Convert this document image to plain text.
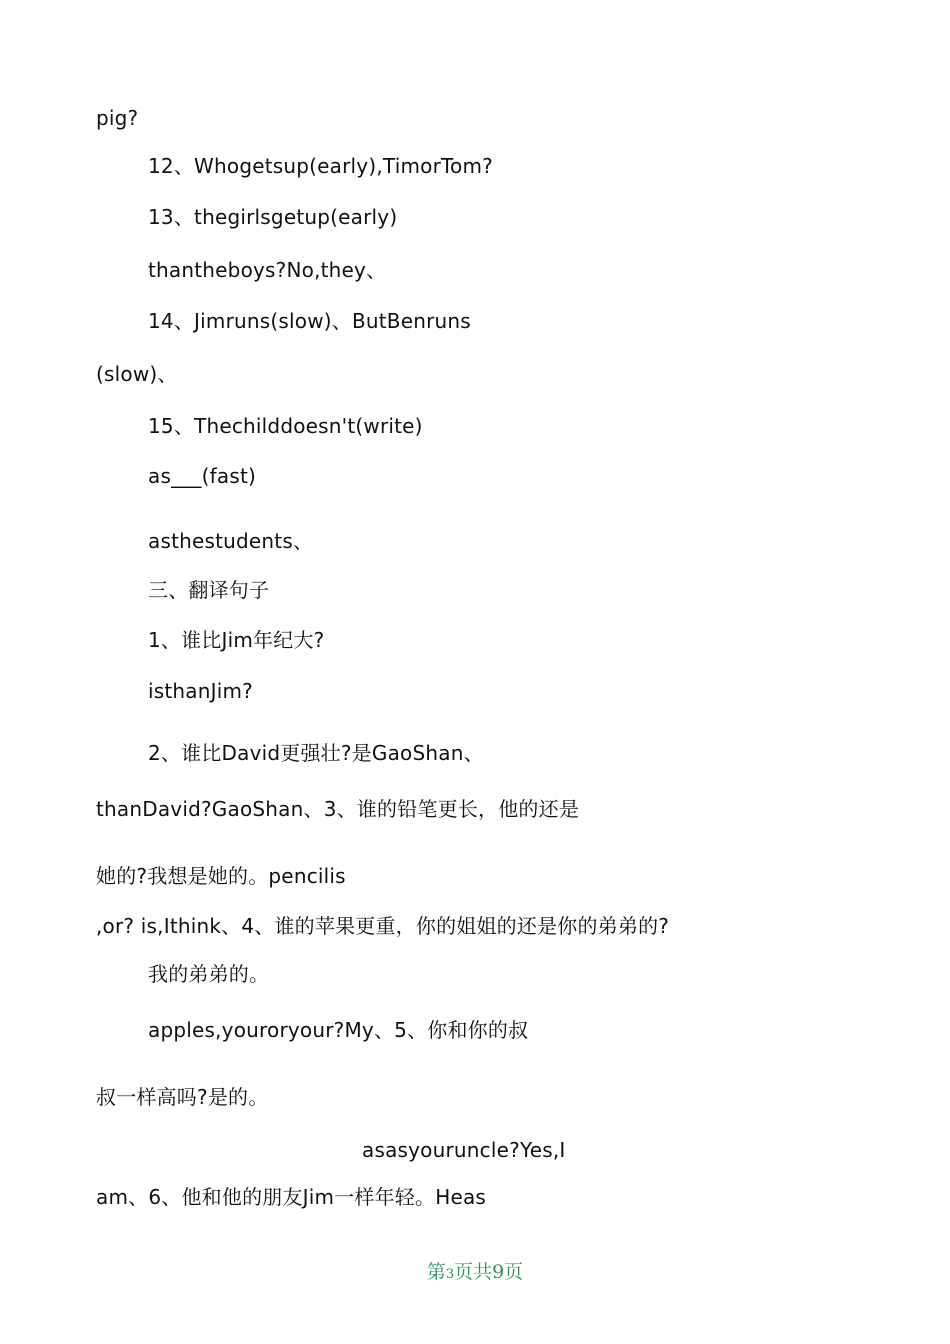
pig?
12、Whogetsup(early),TimorTom?
13、thegirlsgetup(early)
thantheboys?No,they、
14、Jimruns(slow)、ButBenruns
(slow)、
15、Thechilddoesn't(write)
as___(fast)
asthestudents、
三、翻译句子
1、谁比Jim年纪大?
isthanJim?
2、谁比David更强壮?是GaoShan、
thanDavid?GaoShan、3、谁的铅笔更长，他的还是
她的?我想是她的。pencilis
,or? is,Ithink、4、谁的苹果更重，你的姐姐的还是你的弟弟的?
我的弟弟的。
apples,youroryour?My、5、你和你的叔
叔一样高吗?是的。
asasyouruncle?Yes,I
am、6、他和他的朋友Jim一样年轻。Heas
第3页共9页
